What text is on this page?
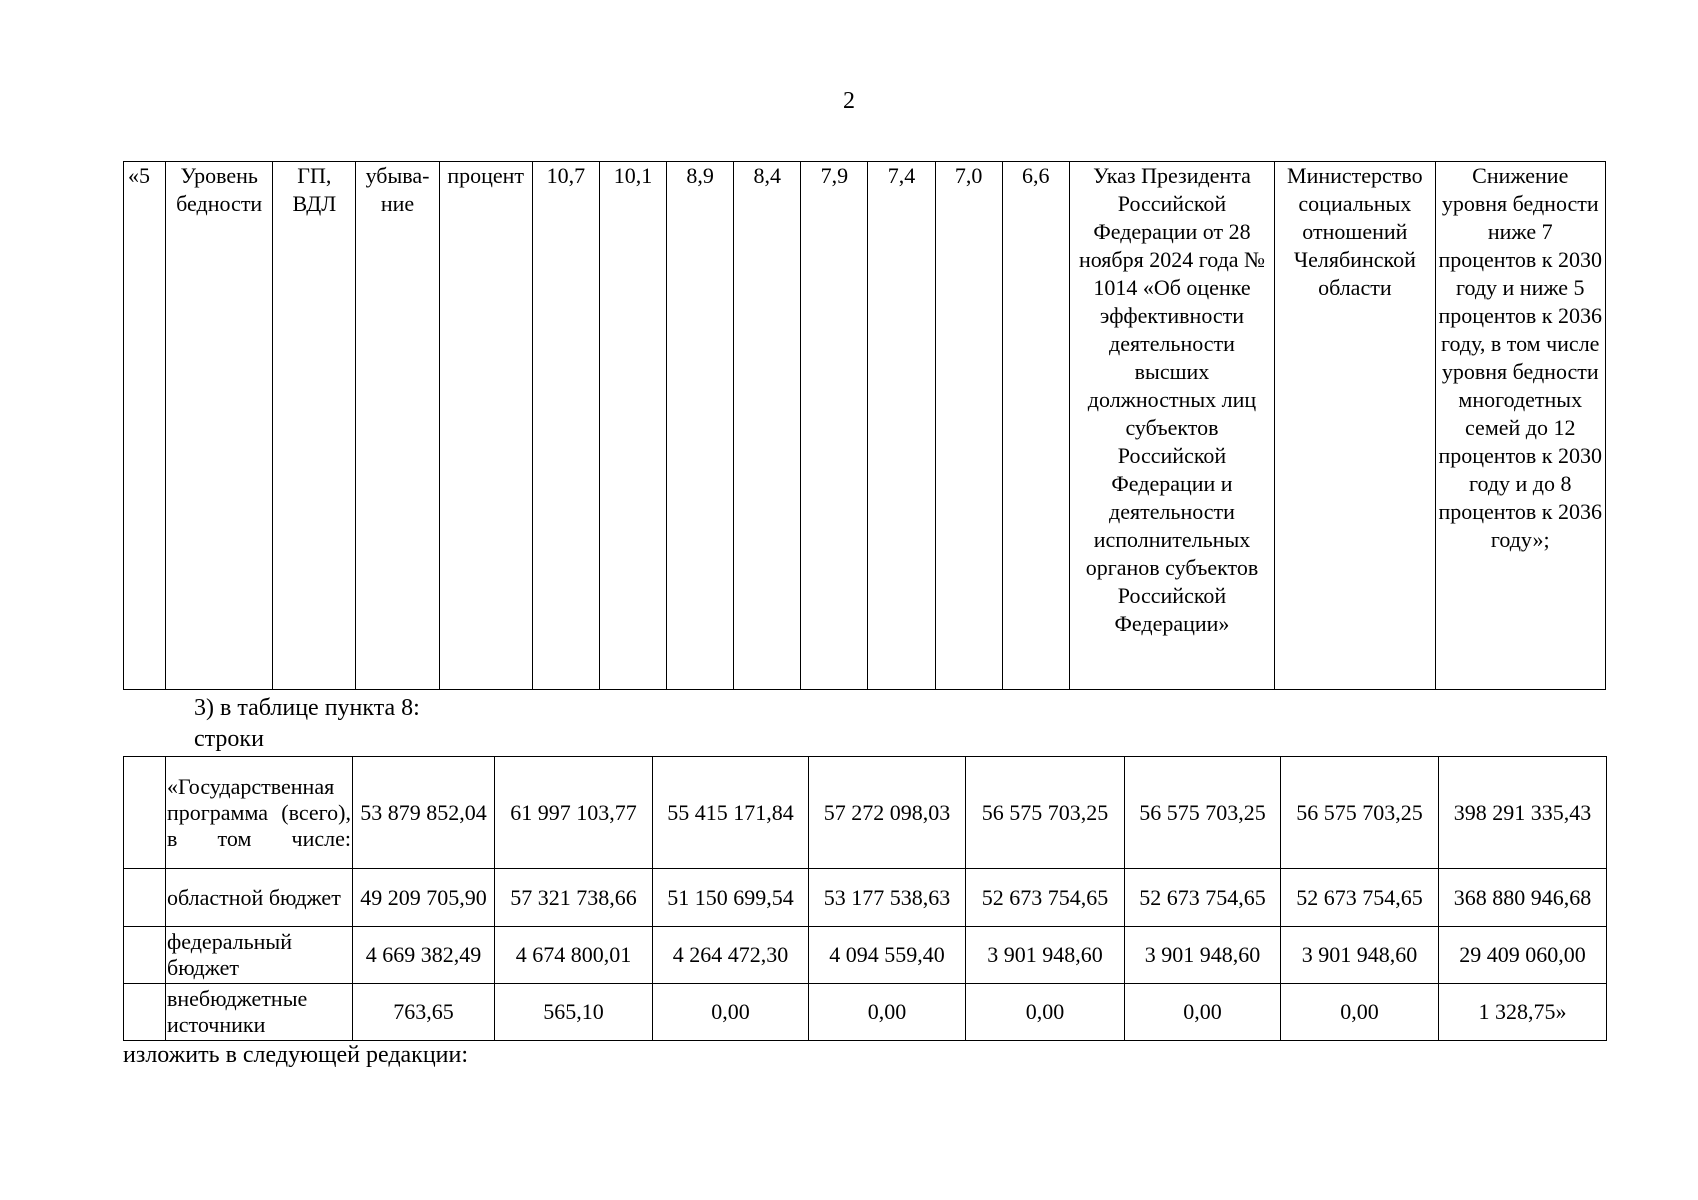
2
«5	Уровень бедности	ГП, ВДЛ	убыва-ние	процент	10,7	10,1	8,9	8,4	7,9	7,4	7,0	6,6	Указ Президента Российской Федерации от 28 ноября 2024 года № 1014 «Об оценке эффективности деятельности высших должностных лиц субъектов Российской Федерации и деятельности исполнительных органов субъектов Российской Федерации»	Министерство социальных отношений Челябинской области	Снижение уровня бедности ниже 7 процентов к 2030 году и ниже 5 процентов к 2036 году, в том числе уровня бедности многодетных семей до 12 процентов к 2030 году и до 8 процентов к 2036 году»;
3) в таблице пункта 8:
строки
	«Государственная программа (всего), в том числе:	53 879 852,04	61 997 103,77	55 415 171,84	57 272 098,03	56 575 703,25	56 575 703,25	56 575 703,25	398 291 335,43
	областной бюджет	49 209 705,90	57 321 738,66	51 150 699,54	53 177 538,63	52 673 754,65	52 673 754,65	52 673 754,65	368 880 946,68
	федеральный бюджет	4 669 382,49	4 674 800,01	4 264 472,30	4 094 559,40	3 901 948,60	3 901 948,60	3 901 948,60	29 409 060,00
	внебюджетные источники	763,65	565,10	0,00	0,00	0,00	0,00	0,00	1 328,75»
изложить в следующей редакции:
